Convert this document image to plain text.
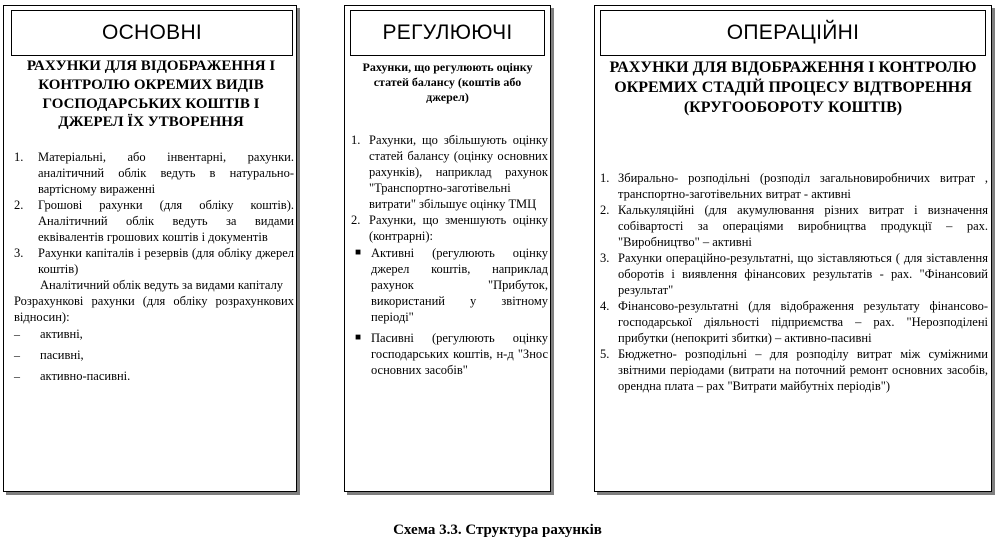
ОСНОВНІ
РАХУНКИ ДЛЯ ВІДОБРАЖЕННЯ І КОНТРОЛЮ ОКРЕМИХ ВИДІВ ГОСПОДАРСЬКИХ КОШТІВ І ДЖЕРЕЛ ЇХ УТВОРЕННЯ
1.	Матеріальні, або інвентарні, рахунки. аналітичний облік ведуть в натурально-вартісному вираженні
2.	Грошові рахунки (для обліку коштів). Аналітичний облік ведуть за видами еквівалентів грошових коштів і документів
3.	Рахунки капіталів і резервів (для обліку джерел коштів)
Аналітичний облік ведуть за видами капіталу
Розрахункові рахунки (для обліку розрахункових відносин):
–	активні,
–	пасивні,
–	активно-пасивні.
РЕГУЛЮЮЧІ
Рахунки, що регулюють оцінку статей балансу (коштів або джерел)
1. Рахунки, що збільшують оцінку статей балансу (оцінку основних рахунків), наприклад рахунок "Транспортно-заготівельні витрати" збільшує оцінку ТМЦ
2. Рахунки, що зменшують оцінку (контрарні):
■ Активні (регулюють оцінку джерел коштів, наприклад рахунок "Прибуток, використаний у звітному періоді"
■ Пасивні (регулюють оцінку господарських коштів, н-д "Знос основних засобів"
ОПЕРАЦІЙНІ
РАХУНКИ ДЛЯ ВІДОБРАЖЕННЯ І КОНТРОЛЮ ОКРЕМИХ СТАДІЙ ПРОЦЕСУ ВІДТВОРЕННЯ (КРУГООБОРОТУ КОШТІВ)
1. Збирально- розподільні (розподіл загальновиробничих витрат , транспортно-заготівельних витрат - активні
2. Калькуляційні (для акумулювання різних витрат і визначення собівартості за операціями виробництва продукції – рах. "Виробництво" – активні
3. Рахунки операційно-результатні, що зіставляються ( для зіставлення оборотів і виявлення фінансових результатів - рах. "Фінансовий результат"
4. Фінансово-результатні (для відображення результату фінансово-господарської діяльності підприємства – рах. "Нерозподілені прибутки (непокриті збитки) – активно-пасивні
5. Бюджетно- розподільні – для розподілу витрат між суміжними звітними періодами (витрати на поточний ремонт основних засобів, орендна плата – рах "Витрати майбутніх періодів")
Схема 3.3. Структура рахунків
